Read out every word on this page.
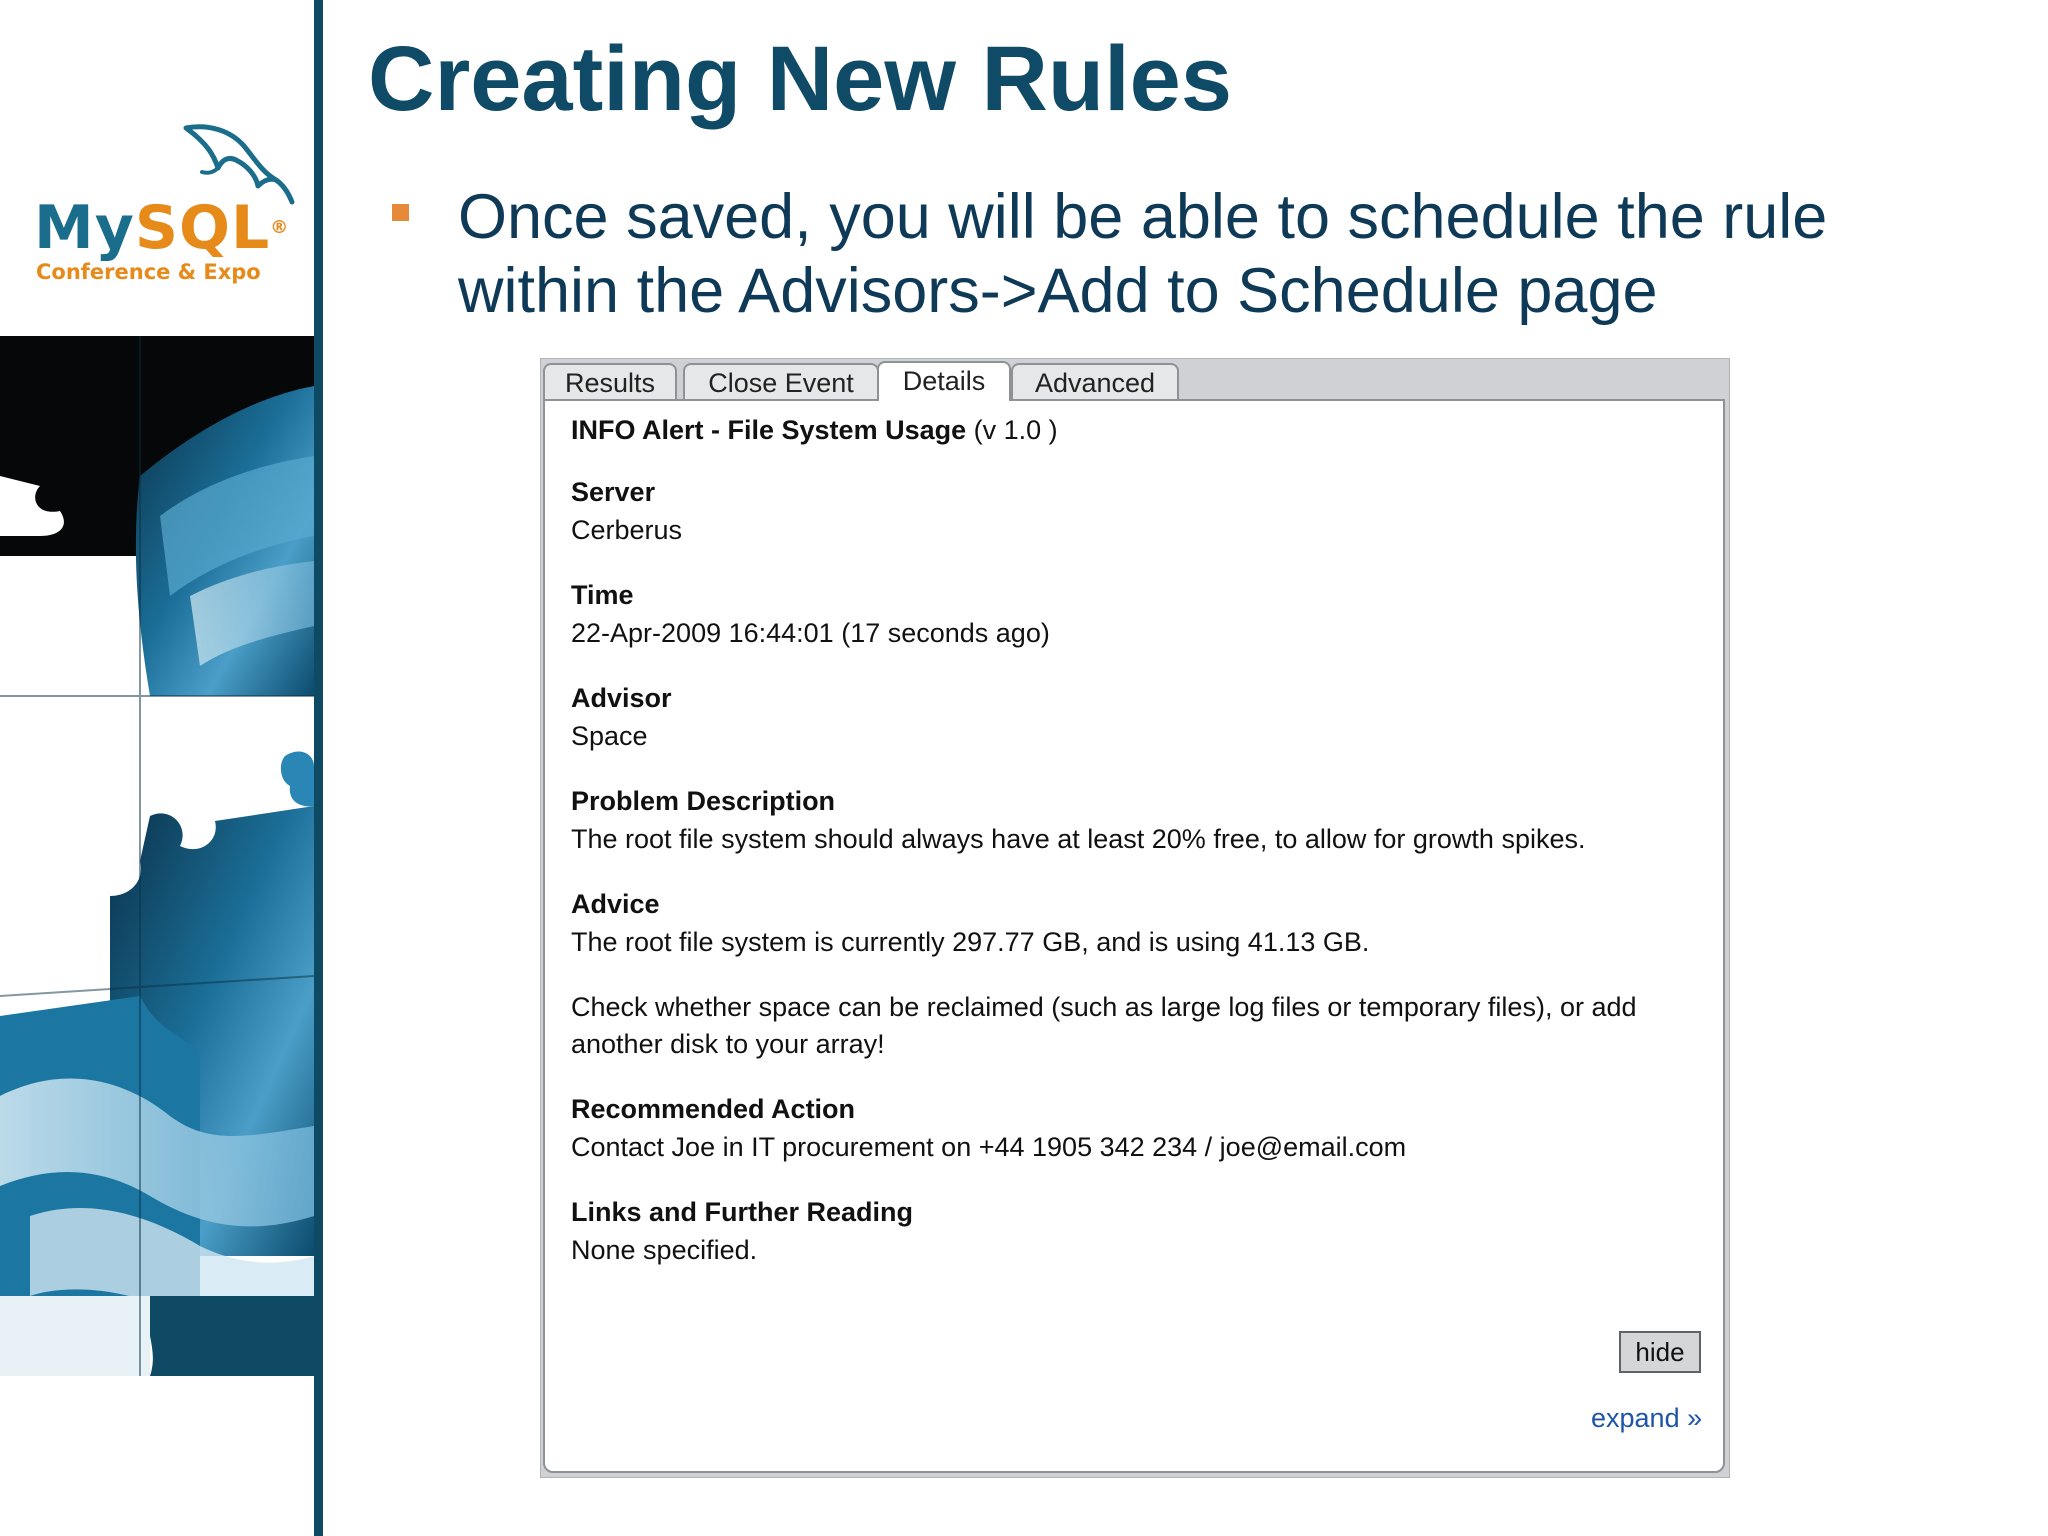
MySQL®
Conference & Expo
Creating New Rules
Once saved, you will be able to schedule the rule within the Advisors->Add to Schedule page
Results	Close Event	Details	Advanced
INFO Alert - File System Usage (v 1.0 )
Server
Cerberus
Time
22-Apr-2009 16:44:01 (17 seconds ago)
Advisor
Space
Problem Description
The root file system should always have at least 20% free, to allow for growth spikes.
Advice
The root file system is currently 297.77 GB, and is using 41.13 GB.
Check whether space can be reclaimed (such as large log files or temporary files), or add another disk to your array!
Recommended Action
Contact Joe in IT procurement on +44 1905 342 234 / joe@email.com
Links and Further Reading
None specified.
hide
expand »
